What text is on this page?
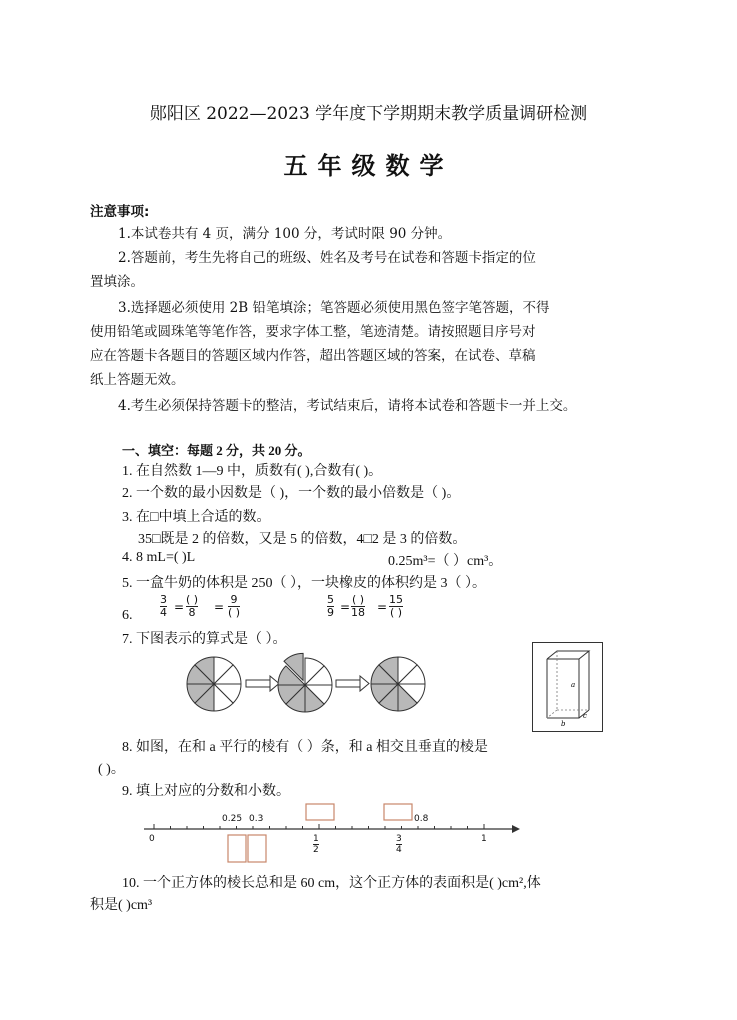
郧阳区 2022—2023 学年度下学期期末教学质量调研检测
五年级数学
注意事项:
1.本试卷共有 4 页，满分 100 分，考试时限 90 分钟。
2.答题前，考生先将自己的班级、姓名及考号在试卷和答题卡指定的位
置填涂。
3.选择题必须使用 2B 铅笔填涂；笔答题必须使用黑色签字笔答题，不得
使用铅笔或圆珠笔等笔作答，要求字体工整，笔迹清楚。请按照题目序号对
应在答题卡各题目的答题区域内作答，超出答题区域的答案，在试卷、草稿
纸上答题无效。
4.考生必须保持答题卡的整洁，考试结束后，请将本试卷和答题卡一并上交。
一、填空：每题 2 分，共 20 分。
1. 在自然数 1—9 中，质数有( ),合数有( )。
2. 一个数的最小因数是（ )，一个数的最小倍数是（ )。
3. 在□中填上合适的数。
35□既是 2 的倍数，又是 5 的倍数，4□2 是 3 的倍数。
4. 8 mL=( )L	0.25m³=（ ）cm³。
5. 一盒牛奶的体积是 250（ ），一块橡皮的体积约是 3（ ）。
6.
3
4 =
( )
8 =
9
( )
5
9 =
( )
18 =
15
( )
7. 下图表示的算式是（ ）。
a
b
c
8. 如图，在和 a 平行的棱有（ ）条，和 a 相交且垂直的棱是
( )。
9. 填上对应的分数和小数。
0	1
0.25 0.3	0.8
1
2
3
4
10. 一个正方体的棱长总和是 60 cm，这个正方体的表面积是( )cm²,体
积是( )cm³
